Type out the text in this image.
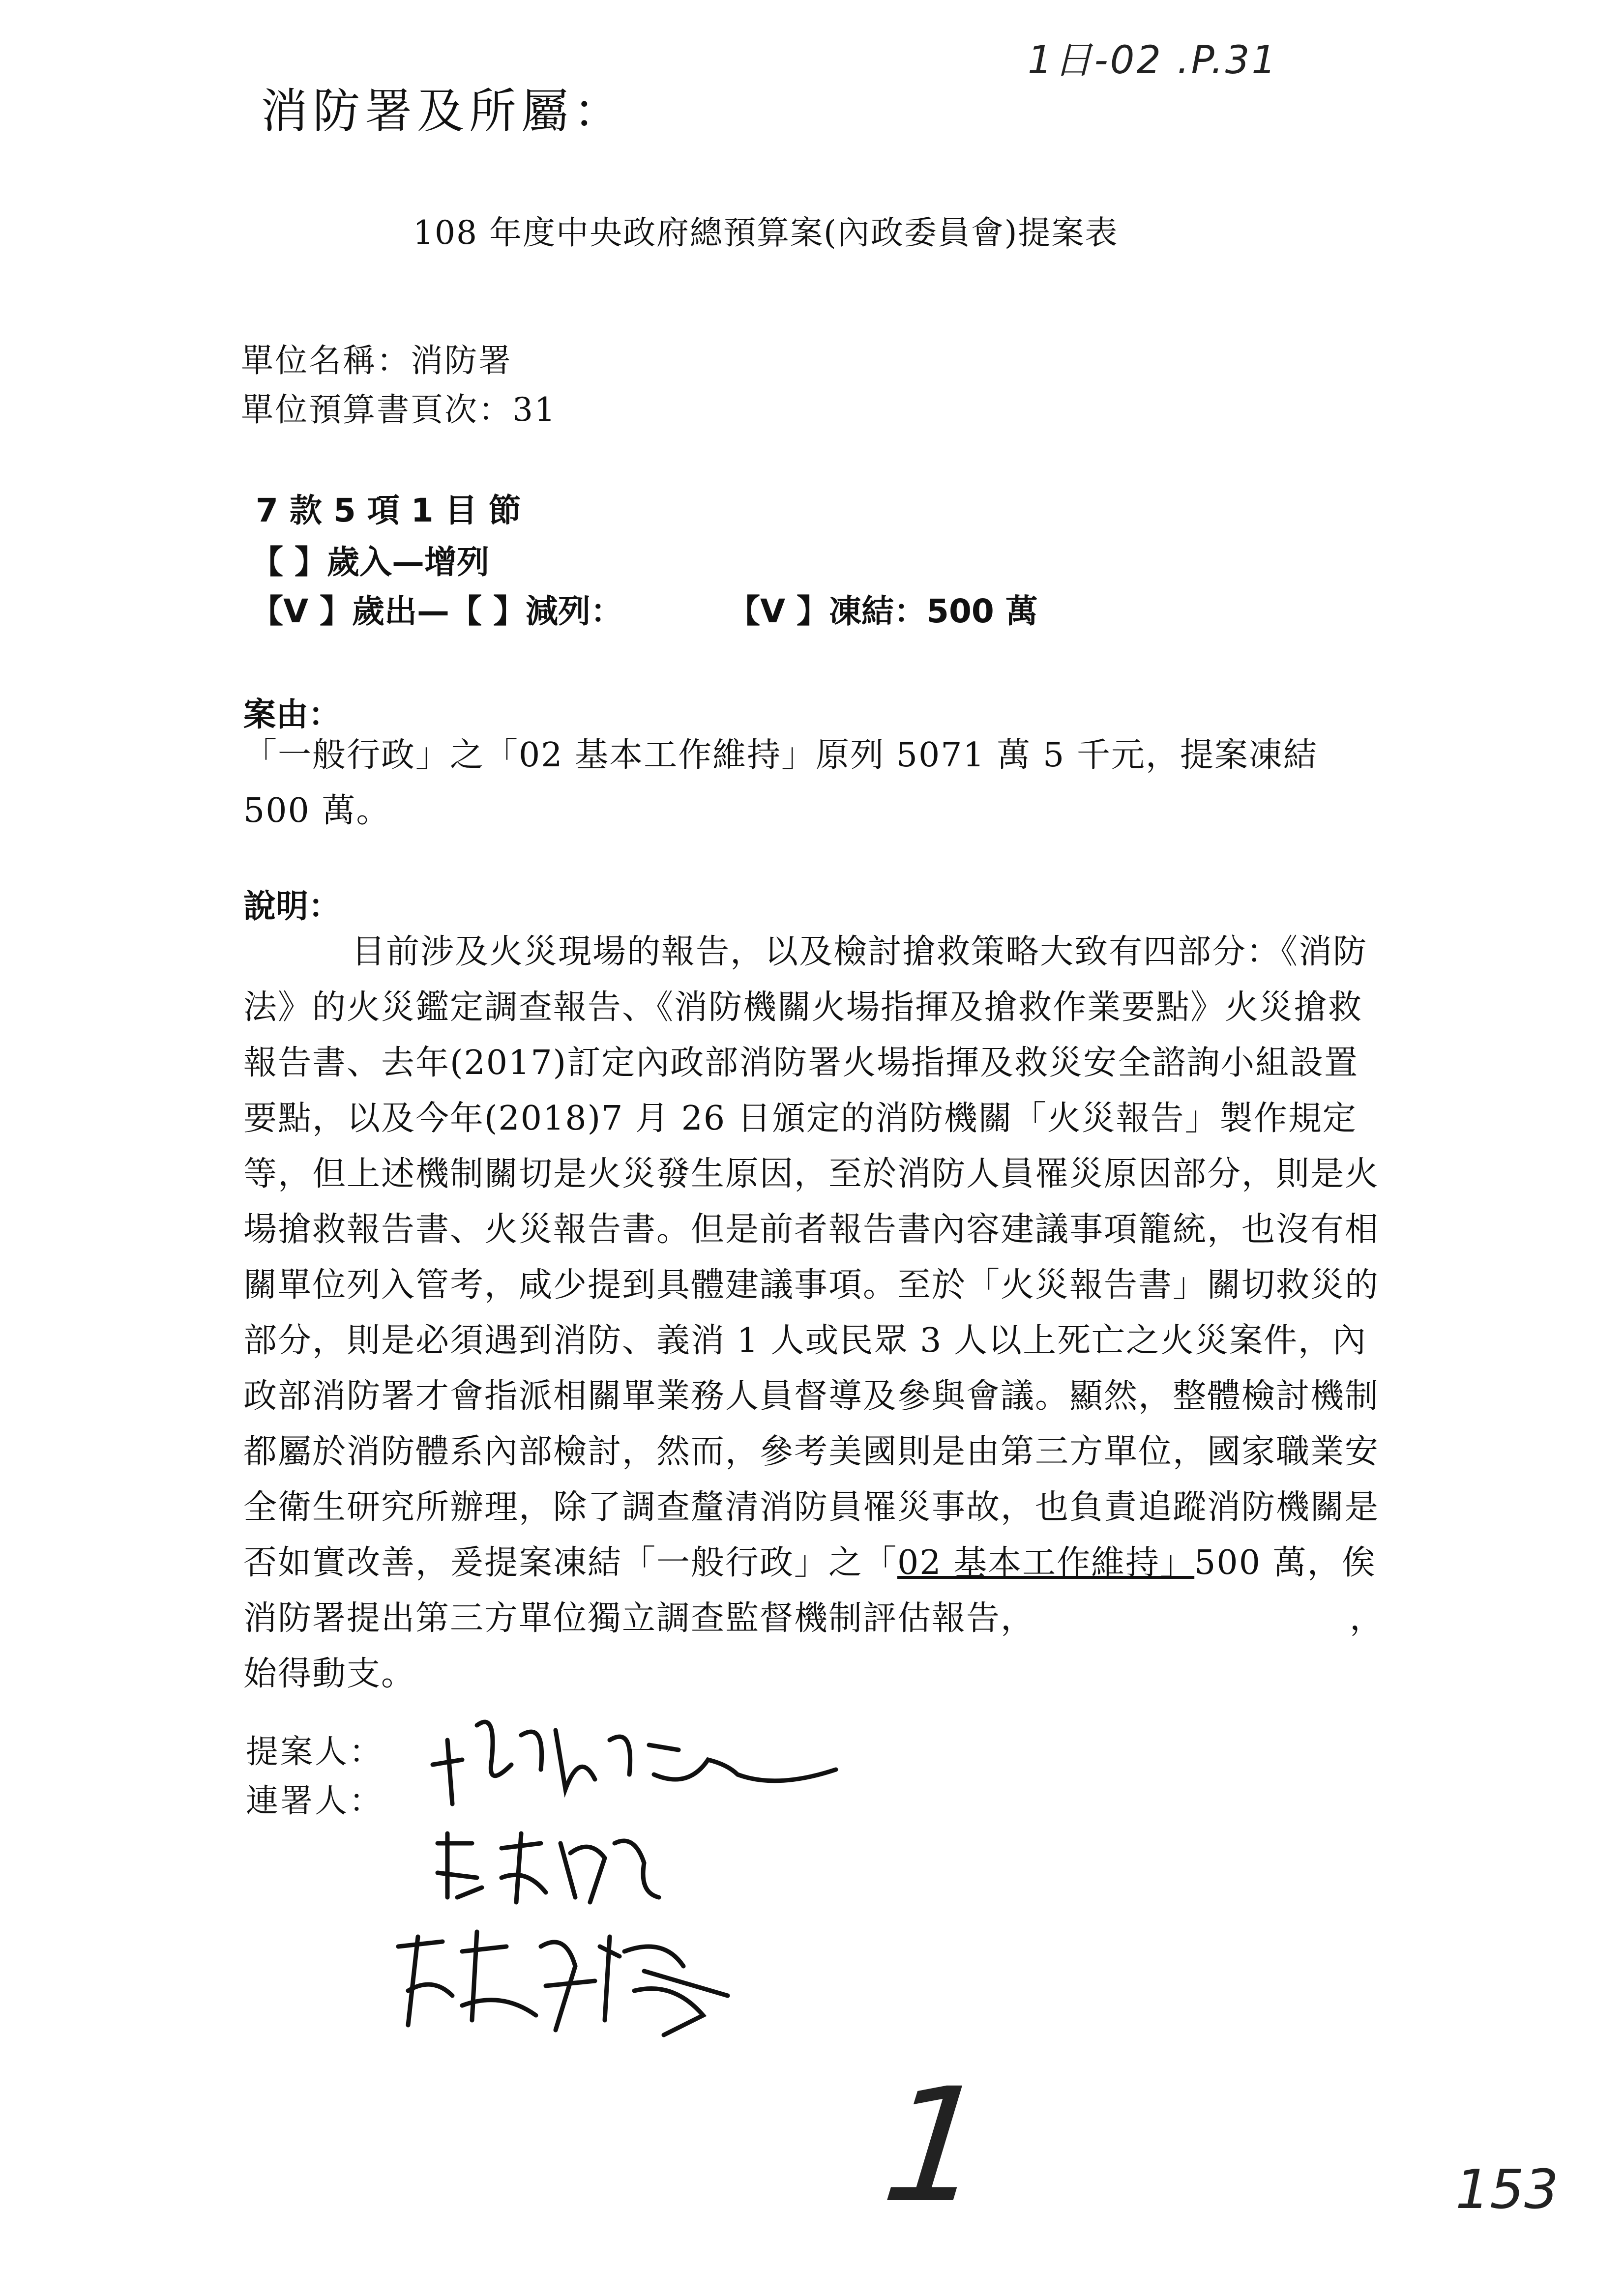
1日-02 .P.31
消防署及所屬：
108 年度中央政府總預算案(內政委員會)提案表
單位名稱：消防署
單位預算書頁次：31
7 款 5 項 1 目 節
【 】歲入—增列
【V 】歲出—【 】減列：	【V 】凍結：500 萬
案由：
「一般行政」之「02 基本工作維持」原列 5071 萬 5 千元，提案凍結 500 萬。
說明：
目前涉及火災現場的報告，以及檢討搶救策略大致有四部分：《消防法》的火災鑑定調查報告、《消防機關火場指揮及搶救作業要點》火災搶救報告書、去年(2017)訂定內政部消防署火場指揮及救災安全諮詢小組設置要點，以及今年(2018)7 月 26 日頒定的消防機關「火災報告」製作規定等，但上述機制關切是火災發生原因，至於消防人員罹災原因部分，則是火場搶救報告書、火災報告書。但是前者報告書內容建議事項籠統，也沒有相關單位列入管考，咸少提到具體建議事項。至於「火災報告書」關切救災的部分，則是必須遇到消防、義消 1 人或民眾 3 人以上死亡之火災案件，內政部消防署才會指派相關單業務人員督導及參與會議。顯然，整體檢討機制都屬於消防體系內部檢討，然而，參考美國則是由第三方單位，國家職業安全衛生研究所辦理，除了調查釐清消防員罹災事故，也負責追蹤消防機關是否如實改善，爰提案凍結「一般行政」之「02 基本工作維持」500 萬，俟消防署提出第三方單位獨立調查監督機制評估報告，	，始得動支。
提案人：
連署人：
1	153
